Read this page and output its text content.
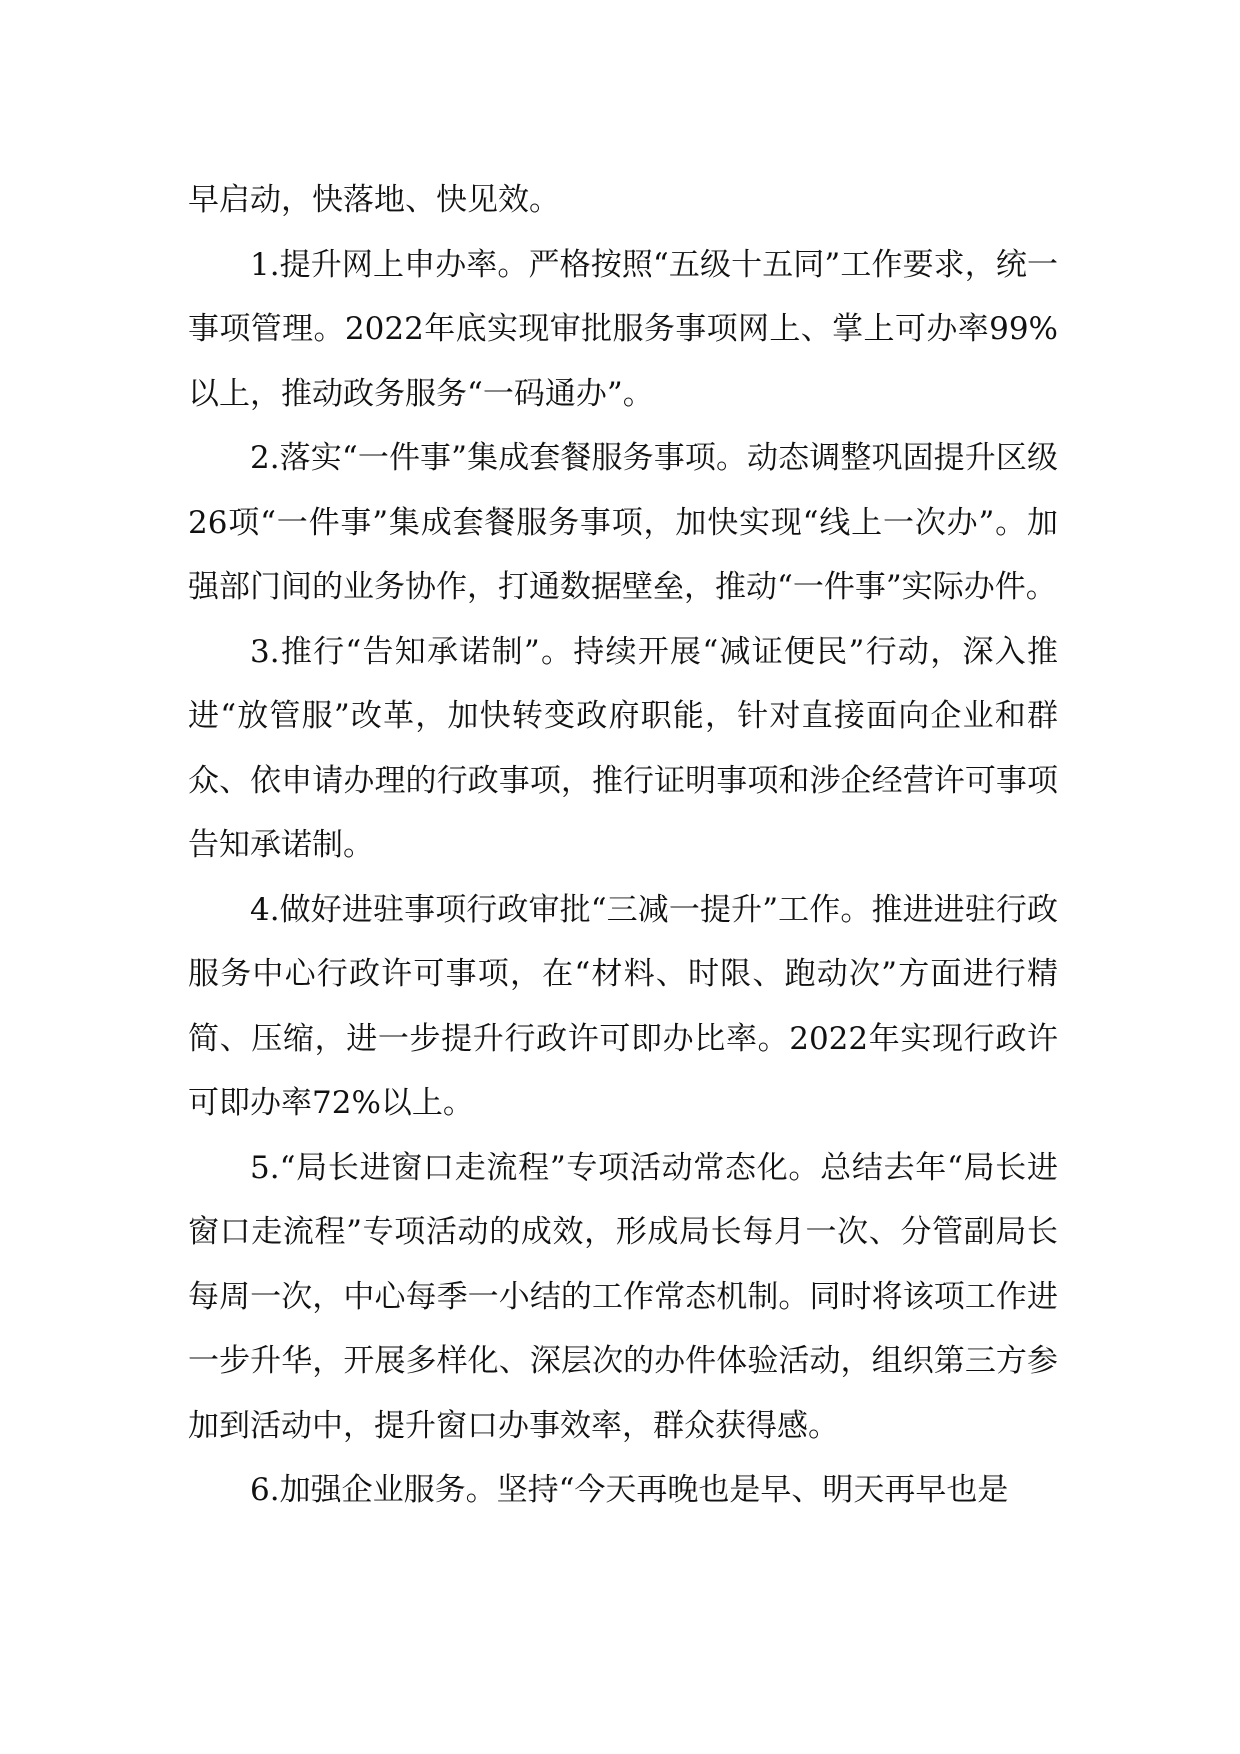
早启动，快落地、快见效。

1.提升网上申办率。严格按照“五级十五同”工作要求，统一事项管理。2022年底实现审批服务事项网上、掌上可办率99%以上，推动政务服务“一码通办”。

2.落实“一件事”集成套餐服务事项。动态调整巩固提升区级26项“一件事”集成套餐服务事项，加快实现“线上一次办”。加强部门间的业务协作，打通数据壁垒，推动“一件事”实际办件。

3.推行“告知承诺制”。持续开展“减证便民”行动，深入推进“放管服”改革，加快转变政府职能，针对直接面向企业和群众、依申请办理的行政事项，推行证明事项和涉企经营许可事项告知承诺制。

4.做好进驻事项行政审批“三减一提升”工作。推进进驻行政服务中心行政许可事项，在“材料、时限、跑动次”方面进行精简、压缩，进一步提升行政许可即办比率。2022年实现行政许可即办率72%以上。

5.“局长进窗口走流程”专项活动常态化。总结去年“局长进窗口走流程”专项活动的成效，形成局长每月一次、分管副局长每周一次，中心每季一小结的工作常态机制。同时将该项工作进一步升华，开展多样化、深层次的办件体验活动，组织第三方参加到活动中，提升窗口办事效率，群众获得感。

6.加强企业服务。坚持“今天再晚也是早、明天再早也是
